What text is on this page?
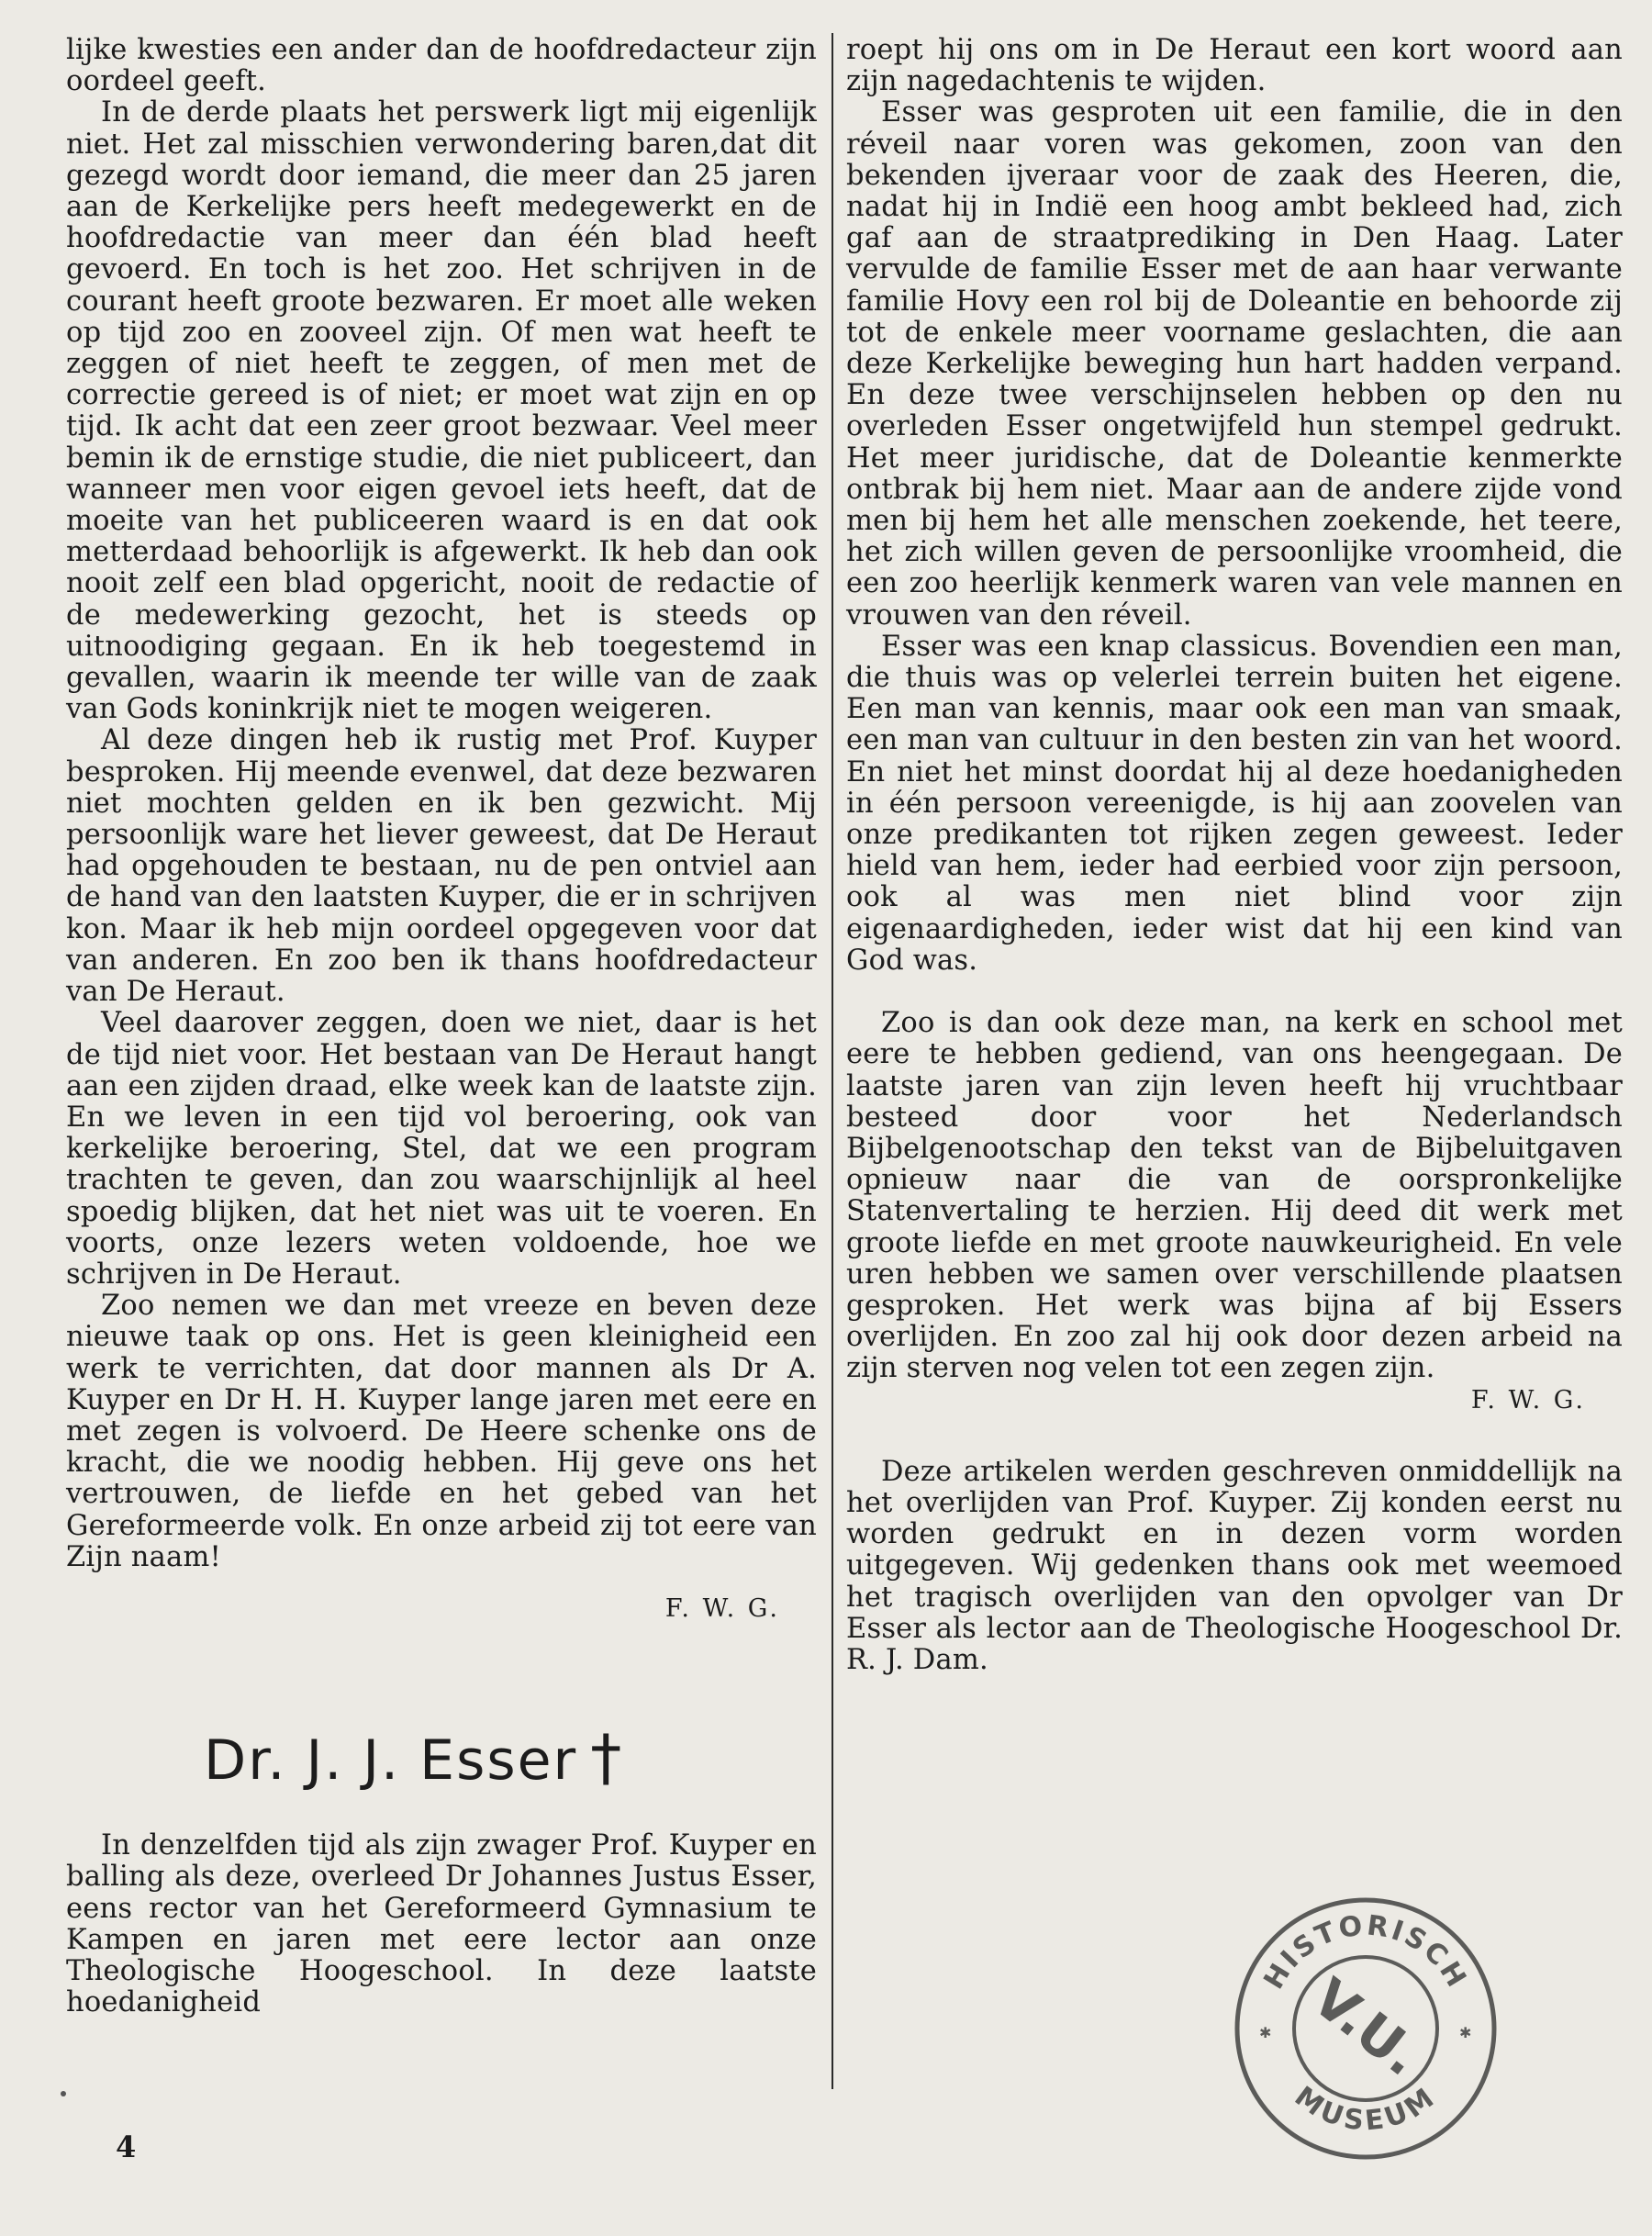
lijke kwesties een ander dan de hoofdredacteur zijn oordeel geeft.

In de derde plaats het perswerk ligt mij eigenlijk niet. Het zal misschien verwondering baren,dat dit gezegd wordt door iemand, die meer dan 25 jaren aan de Kerkelijke pers heeft medegewerkt en de hoofdredactie van meer dan één blad heeft gevoerd. En toch is het zoo. Het schrijven in de courant heeft groote bezwaren. Er moet alle weken op tijd zoo en zooveel zijn. Of men wat heeft te zeggen of niet heeft te zeggen, of men met de correctie gereed is of niet; er moet wat zijn en op tijd. Ik acht dat een zeer groot bezwaar. Veel meer bemin ik de ernstige studie, die niet publiceert, dan wanneer men voor eigen gevoel iets heeft, dat de moeite van het publiceeren waard is en dat ook metterdaad behoorlijk is afgewerkt. Ik heb dan ook nooit zelf een blad opgericht, nooit de redactie of de medewerking gezocht, het is steeds op uitnoodiging gegaan. En ik heb toegestemd in gevallen, waarin ik meende ter wille van de zaak van Gods koninkrijk niet te mogen weigeren.

Al deze dingen heb ik rustig met Prof. Kuyper besproken. Hij meende evenwel, dat deze bezwaren niet mochten gelden en ik ben gezwicht. Mij persoonlijk ware het liever geweest, dat De Heraut had opgehouden te bestaan, nu de pen ontviel aan de hand van den laatsten Kuyper, die er in schrijven kon. Maar ik heb mijn oordeel opgegeven voor dat van anderen. En zoo ben ik thans hoofdredacteur van De Heraut.

Veel daarover zeggen, doen we niet, daar is het de tijd niet voor. Het bestaan van De Heraut hangt aan een zijden draad, elke week kan de laatste zijn. En we leven in een tijd vol beroering, ook van kerkelijke beroering, Stel, dat we een program trachten te geven, dan zou waarschijnlijk al heel spoedig blijken, dat het niet was uit te voeren. En voorts, onze lezers weten voldoende, hoe we schrijven in De Heraut.

Zoo nemen we dan met vreeze en beven deze nieuwe taak op ons. Het is geen kleinigheid een werk te verrichten, dat door mannen als Dr A. Kuyper en Dr H. H. Kuyper lange jaren met eere en met zegen is volvoerd. De Heere schenke ons de kracht, die we noodig hebben. Hij geve ons het vertrouwen, de liefde en het gebed van het Gereformeerde volk. En onze arbeid zij tot eere van Zijn naam!

F. W. G.
Dr. J. J. Esser †

In denzelfden tijd als zijn zwager Prof. Kuyper en balling als deze, overleed Dr Johannes Justus Esser, eens rector van het Gereformeerd Gymnasium te Kampen en jaren met eere lector aan onze Theologische Hoogeschool. In deze laatste hoedanigheid

roept hij ons om in De Heraut een kort woord aan zijn nagedachtenis te wijden.

Esser was gesproten uit een familie, die in den réveil naar voren was gekomen, zoon van den bekenden ijveraar voor de zaak des Heeren, die, nadat hij in Indië een hoog ambt bekleed had, zich gaf aan de straatprediking in Den Haag. Later vervulde de familie Esser met de aan haar verwante familie Hovy een rol bij de Doleantie en behoorde zij tot de enkele meer voorname geslachten, die aan deze Kerkelijke beweging hun hart hadden verpand. En deze twee verschijnselen hebben op den nu overleden Esser ongetwijfeld hun stempel gedrukt. Het meer juridische, dat de Doleantie kenmerkte ontbrak bij hem niet. Maar aan de andere zijde vond men bij hem het alle menschen zoekende, het teere, het zich willen geven de persoonlijke vroomheid, die een zoo heerlijk kenmerk waren van vele mannen en vrouwen van den réveil.

Esser was een knap classicus. Bovendien een man, die thuis was op velerlei terrein buiten het eigene. Een man van kennis, maar ook een man van smaak, een man van cultuur in den besten zin van het woord. En niet het minst doordat hij al deze hoedanigheden in één persoon vereenigde, is hij aan zoovelen van onze predikanten tot rijken zegen geweest. Ieder hield van hem, ieder had eerbied voor zijn persoon, ook al was men niet blind voor zijn eigenaardigheden, ieder wist dat hij een kind van God was.

Zoo is dan ook deze man, na kerk en school met eere te hebben gediend, van ons heengegaan. De laatste jaren van zijn leven heeft hij vruchtbaar besteed door voor het Nederlandsch Bijbelgenootschap den tekst van de Bijbeluitgaven opnieuw naar die van de oorspronkelijke Statenvertaling te herzien. Hij deed dit werk met groote liefde en met groote nauwkeurigheid. En vele uren hebben we samen over verschillende plaatsen gesproken. Het werk was bijna af bij Essers overlijden. En zoo zal hij ook door dezen arbeid na zijn sterven nog velen tot een zegen zijn.

F. W. G.

Deze artikelen werden geschreven onmiddellijk na het overlijden van Prof. Kuyper. Zij konden eerst nu worden gedrukt en in dezen vorm worden uitgegeven. Wij gedenken thans ook met weemoed het tragisch overlijden van den opvolger van Dr Esser als lector aan de Theologische Hoogeschool Dr. R. J. Dam.

4
HISTORISCH
MUSEUM
V.U.
✱	✱
